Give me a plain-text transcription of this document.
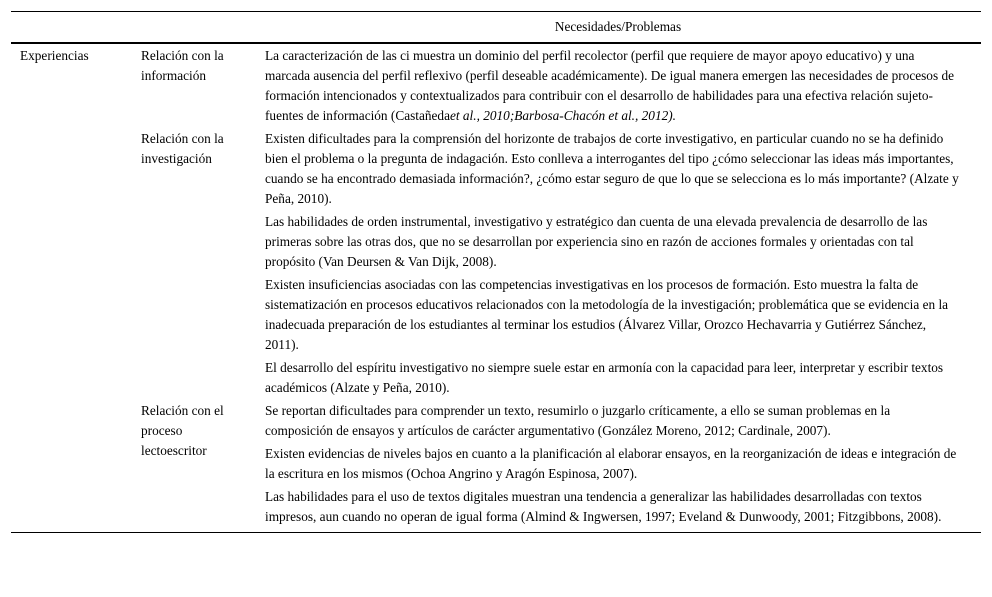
		Necesidades/Problemas
Experiencias	Relación con la información	La caracterización de las ci muestra un dominio del perfil recolector (perfil que requiere de mayor apoyo educativo) y una marcada ausencia del perfil reflexivo (perfil deseable académicamente). De igual manera emergen las necesidades de procesos de formación intencionados y contextualizados para contribuir con el desarrollo de habilidades para una efectiva relación sujeto-fuentes de información (Castañedaet al., 2010;Barbosa-Chacón et al., 2012).
	Relación con la investigación	Existen dificultades para la comprensión del horizonte de trabajos de corte investigativo, en particular cuando no se ha definido bien el problema o la pregunta de indagación. Esto conlleva a interrogantes del tipo ¿cómo seleccionar las ideas más importantes, cuando se ha encontrado demasiada información?, ¿cómo estar seguro de que lo que se selecciona es lo más importante? (Alzate y Peña, 2010).
		Las habilidades de orden instrumental, investigativo y estratégico dan cuenta de una elevada prevalencia de desarrollo de las primeras sobre las otras dos, que no se desarrollan por experiencia sino en razón de acciones formales y orientadas con tal propósito (Van Deursen & Van Dijk, 2008).
		Existen insuficiencias asociadas con las competencias investigativas en los procesos de formación. Esto muestra la falta de sistematización en procesos educativos relacionados con la metodología de la investigación; problemática que se evidencia en la inadecuada preparación de los estudiantes al terminar los estudios (Álvarez Villar, Orozco Hechavarria y Gutiérrez Sánchez, 2011).
		El desarrollo del espíritu investigativo no siempre suele estar en armonía con la capacidad para leer, interpretar y escribir textos académicos (Alzate y Peña, 2010).
	Relación con el proceso lectoescritor	Se reportan dificultades para comprender un texto, resumirlo o juzgarlo críticamente, a ello se suman problemas en la composición de ensayos y artículos de carácter argumentativo (González Moreno, 2012; Cardinale, 2007).
		Existen evidencias de niveles bajos en cuanto a la planificación al elaborar ensayos, en la reorganización de ideas e integración de la escritura en los mismos (Ochoa Angrino y Aragón Espinosa, 2007).
		Las habilidades para el uso de textos digitales muestran una tendencia a generalizar las habilidades desarrolladas con textos impresos, aun cuando no operan de igual forma (Almind & Ingwersen, 1997; Eveland & Dunwoody, 2001; Fitzgibbons, 2008).
